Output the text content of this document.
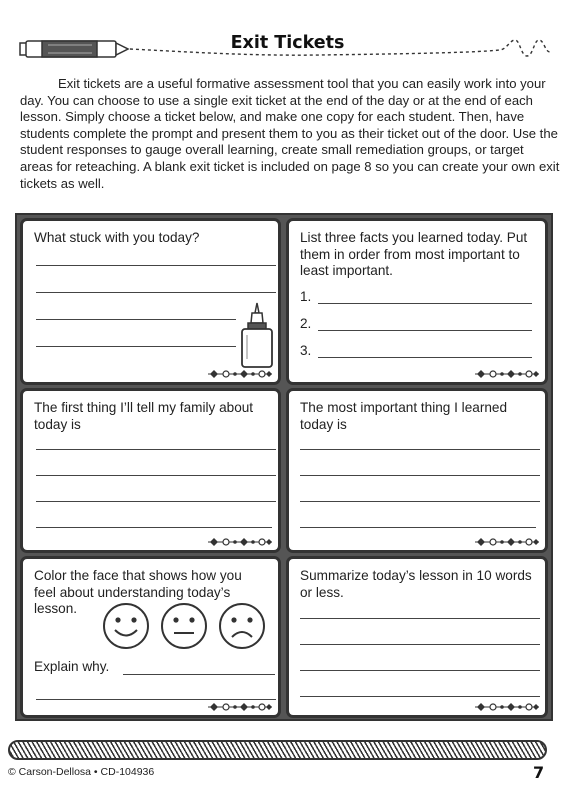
Exit Tickets
Exit tickets are a useful formative assessment tool that you can easily work into your day. You can choose to use a single exit ticket at the end of the day or at the end of each lesson. Simply choose a ticket below, and make one copy for each student. Then, have students complete the prompt and present them to you as their ticket out of the door. Use the student responses to gauge overall learning, create small remediation groups, or target areas for reteaching. A blank exit ticket is included on page 8 so you can create your own exit tickets as well.
What stuck with you today?	List three facts you learned today. Put them in order from most important to least important.
1.
2.
3.
The first thing I’ll tell my family about today is
The most important thing I learned today is
Color the face that shows how you feel about understanding today’s lesson.
Explain why.
Summarize today’s lesson in 10 words or less.
© Carson-Dellosa • CD-104936	7
